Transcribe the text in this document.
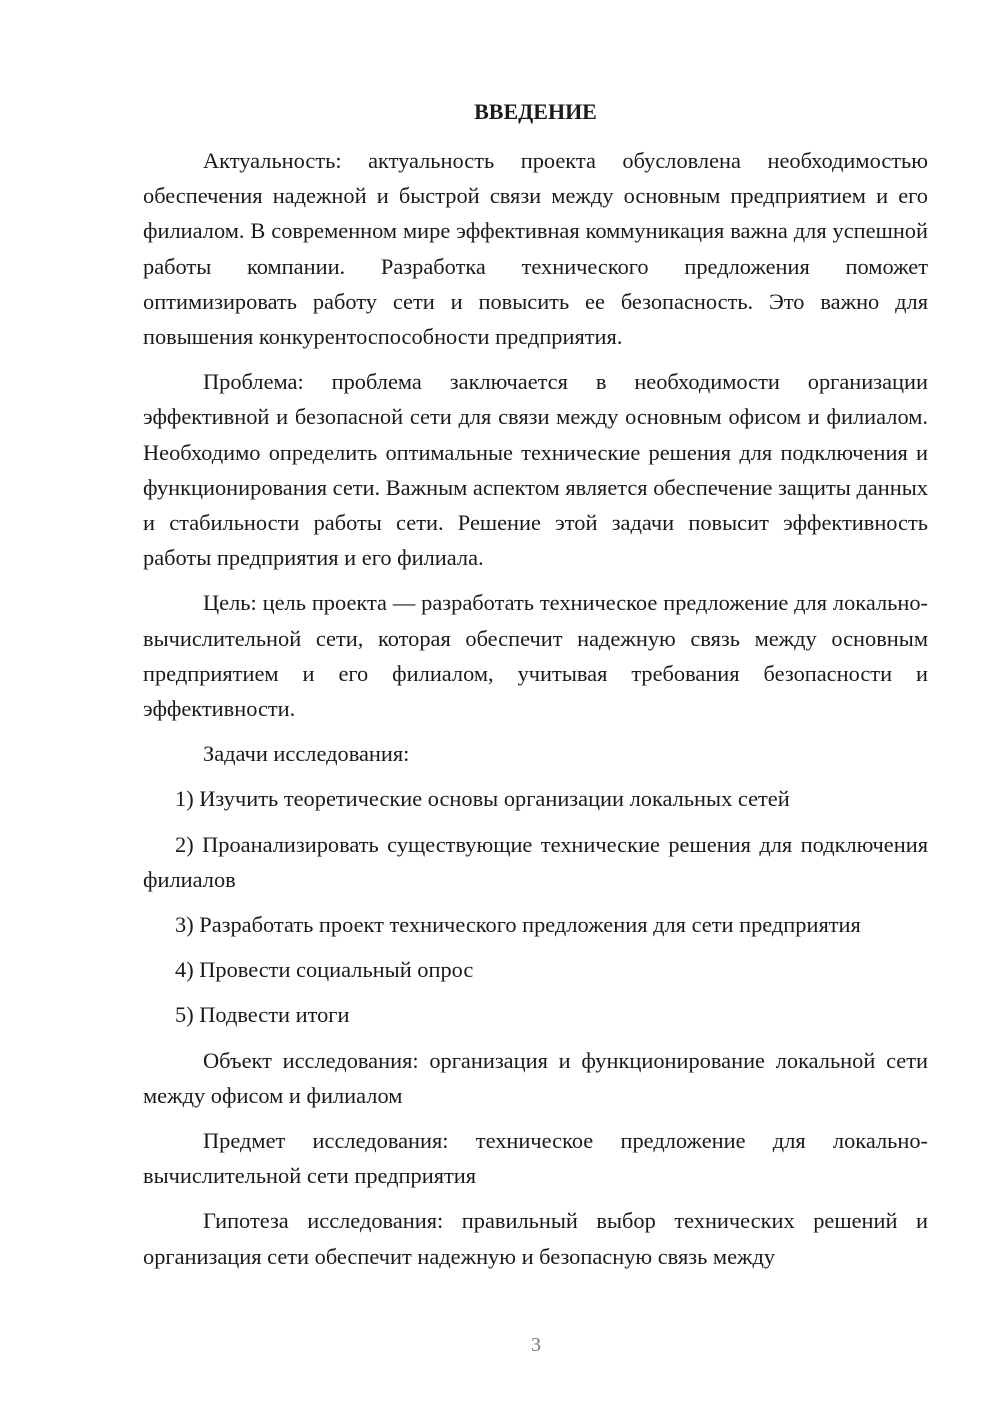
ВВЕДЕНИЕ

Актуальность: актуальность проекта обусловлена необходимостью обеспечения надежной и быстрой связи между основным предприятием и его филиалом. В современном мире эффективная коммуникация важна для успешной работы компании. Разработка технического предложения поможет оптимизировать работу сети и повысить ее безопасность. Это важно для повышения конкурентоспособности предприятия.

Проблема: проблема заключается в необходимости организации эффективной и безопасной сети для связи между основным офисом и филиалом. Необходимо определить оптимальные технические решения для подключения и функционирования сети. Важным аспектом является обеспечение защиты данных и стабильности работы сети. Решение этой задачи повысит эффективность работы предприятия и его филиала.

Цель: цель проекта — разработать техническое предложение для локально-вычислительной сети, которая обеспечит надежную связь между основным предприятием и его филиалом, учитывая требования безопасности и эффективности.

Задачи исследования:

1) Изучить теоретические основы организации локальных сетей

2) Проанализировать существующие технические решения для подключения филиалов

3) Разработать проект технического предложения для сети предприятия

4) Провести социальный опрос

5) Подвести итоги

Объект исследования: организация и функционирование локальной сети между офисом и филиалом

Предмет исследования: техническое предложение для локально-вычислительной сети предприятия

Гипотеза исследования: правильный выбор технических решений и организация сети обеспечит надежную и безопасную связь между

3
